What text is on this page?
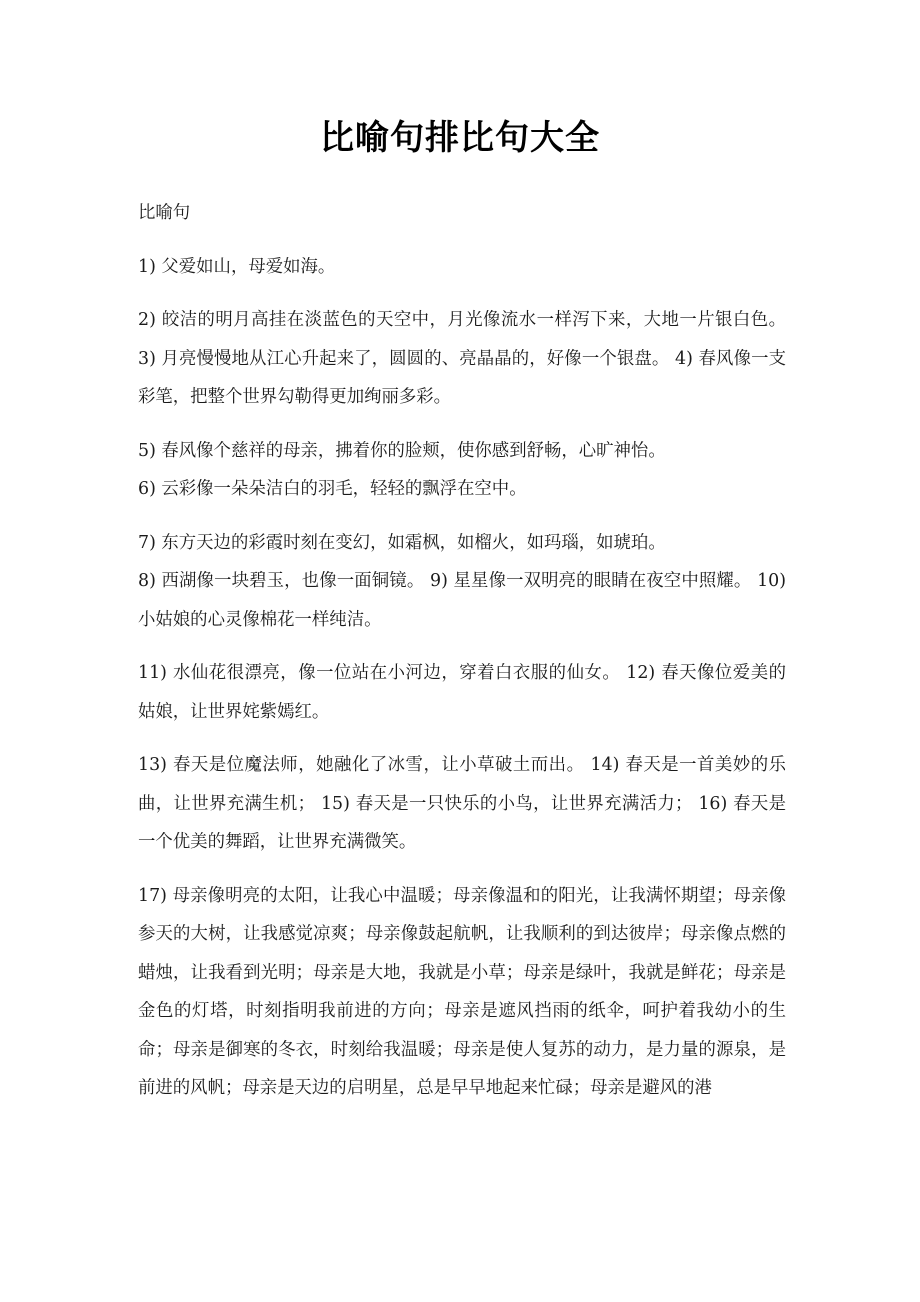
比喻句排比句大全

比喻句

1) 父爱如山，母爱如海。

2) 皎洁的明月高挂在淡蓝色的天空中，月光像流水一样泻下来，大地一片银白色。 3) 月亮慢慢地从江心升起来了，圆圆的、亮晶晶的，好像一个银盘。 4) 春风像一支彩笔，把整个世界勾勒得更加绚丽多彩。

5) 春风像个慈祥的母亲，拂着你的脸颊，使你感到舒畅，心旷神怡。

6) 云彩像一朵朵洁白的羽毛，轻轻的飘浮在空中。

7) 东方天边的彩霞时刻在变幻，如霜枫，如榴火，如玛瑙，如琥珀。

8) 西湖像一块碧玉，也像一面铜镜。 9) 星星像一双明亮的眼睛在夜空中照耀。 10) 小姑娘的心灵像棉花一样纯洁。

11) 水仙花很漂亮，像一位站在小河边，穿着白衣服的仙女。 12) 春天像位爱美的姑娘，让世界姹紫嫣红。

13) 春天是位魔法师，她融化了冰雪，让小草破土而出。 14) 春天是一首美妙的乐曲，让世界充满生机； 15) 春天是一只快乐的小鸟，让世界充满活力； 16) 春天是一个优美的舞蹈，让世界充满微笑。

17) 母亲像明亮的太阳，让我心中温暖；母亲像温和的阳光，让我满怀期望；母亲像参天的大树，让我感觉凉爽；母亲像鼓起航帆，让我顺利的到达彼岸；母亲像点燃的蜡烛，让我看到光明；母亲是大地，我就是小草；母亲是绿叶，我就是鲜花；母亲是金色的灯塔，时刻指明我前进的方向；母亲是遮风挡雨的纸伞，呵护着我幼小的生命；母亲是御寒的冬衣，时刻给我温暖；母亲是使人复苏的动力，是力量的源泉，是前进的风帆；母亲是天边的启明星，总是早早地起来忙碌；母亲是避风的港
